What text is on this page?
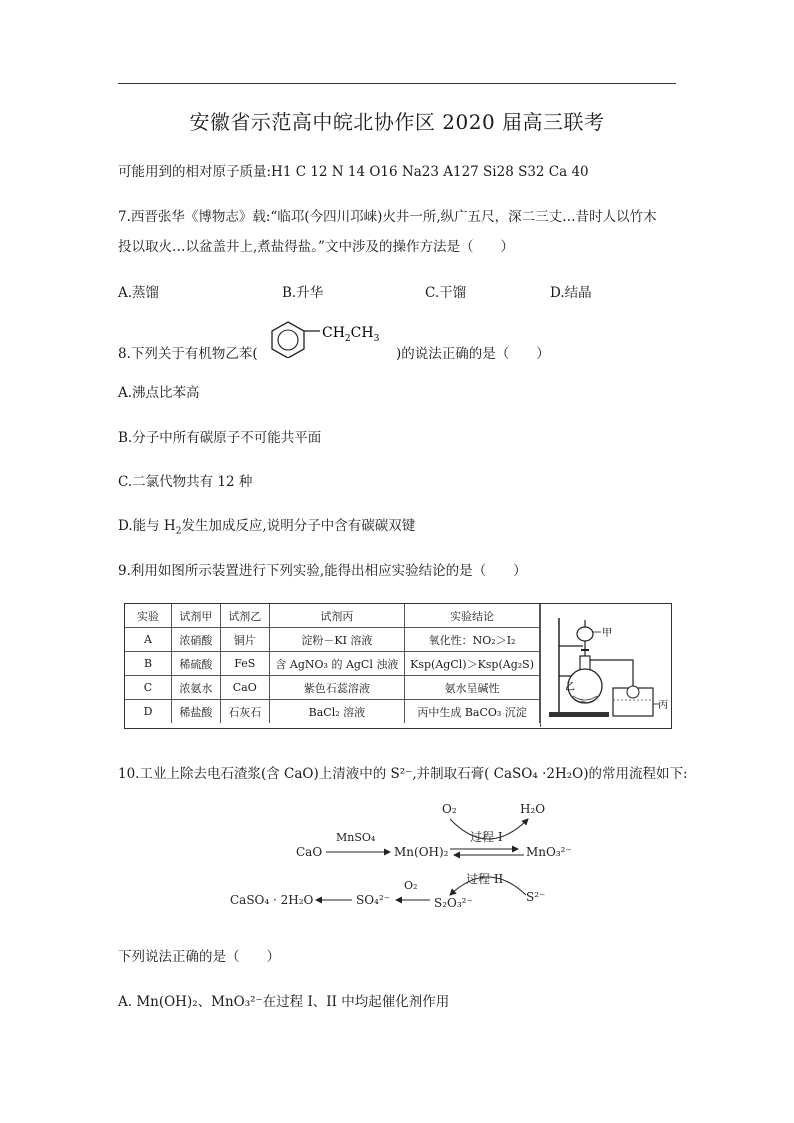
安徽省示范高中皖北协作区 2020 届高三联考
可能用到的相对原子质量:H1 C 12 N 14 O16 Na23 A127 Si28 S32 Ca 40
7.西晋张华《博物志》载:“临邛(今四川邛崃)火井一所,纵广五尺，深二三丈…昔时人以竹木
投以取火…以盆盖井上,煮盐得盐。”文中涉及的操作方法是（　　）
A.蒸馏	B.升华	C.干馏	D.结晶
8.下列关于有机物乙苯(
$CH_2CH_3$
)的说法正确的是（　　）
A.沸点比苯高
B.分子中所有碳原子不可能共平面
C.二氯代物共有 12 种
D.能与 $H_2$发生加成反应,说明分子中含有碳碳双键
9.利用如图所示装置进行下列实验,能得出相应实验结论的是（　　）
实验	试剂甲	试剂乙	试剂丙	实验结论
A	浓硝酸	铜片	淀粉－KI 溶液	氧化性：NO₂＞I₂
B	稀硫酸	FeS	含 AgNO₃ 的 AgCl 浊液	Ksp(AgCl)＞Ksp(Ag₂S)
C	浓氨水	CaO	紫色石蕊溶液	氨水呈碱性
D	稀盐酸	石灰石	BaCl₂ 溶液	丙中生成 BaCO₃ 沉淀
甲
乙
丙
10.工业上除去电石渣浆(含 CaO)上清液中的 S²⁻,并制取石膏( CaSO₄ ·2H₂O)的常用流程如下:
O₂	H₂O
过程 I
CaO
MnSO₄
Mn(OH)₂	MnO₃²⁻
过程 II
S²⁻
S₂O₃²⁻
O₂
SO₄²⁻
CaSO₄ · 2H₂O
下列说法正确的是（　　）
A. Mn(OH)₂、MnO₃²⁻在过程 I、II 中均起催化剂作用
